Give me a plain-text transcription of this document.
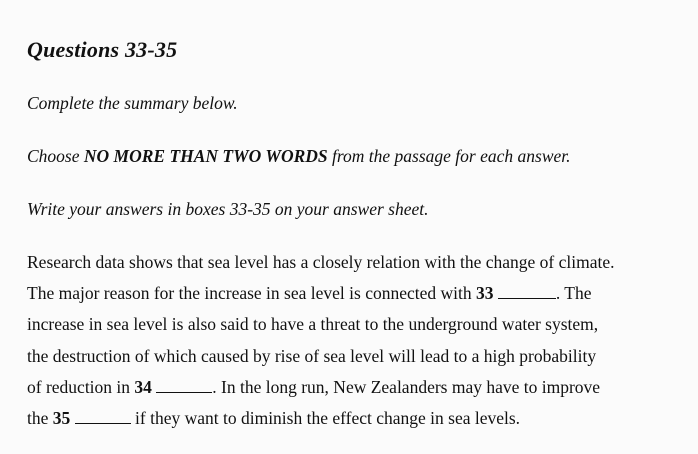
Questions 33-35
Complete the summary below.
Choose NO MORE THAN TWO WORDS from the passage for each answer.
Write your answers in boxes 33-35 on your answer sheet.
Research data shows that sea level has a closely relation with the change of climate.
The major reason for the increase in sea level is connected with 33	. The
increase in sea level is also said to have a threat to the underground water system,
the destruction of which caused by rise of sea level will lead to a high probability
of reduction in 34	. In the long run, New Zealanders may have to improve
the 35	if they want to diminish the effect change in sea levels.
